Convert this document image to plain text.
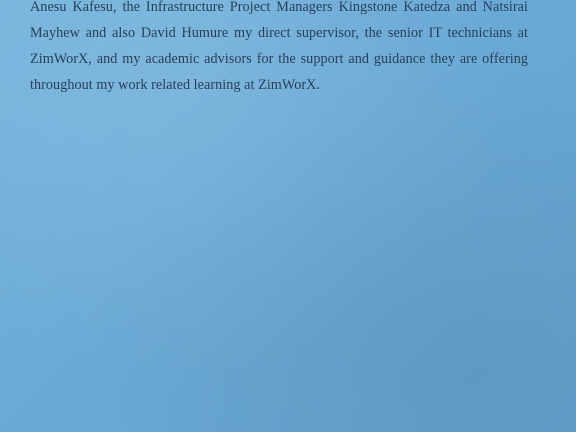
Anesu Kafesu, the Infrastructure Project Managers Kingstone Katedza and Natsirai
Mayhew and also David Humure my direct supervisor, the senior IT technicians at
ZimWorX, and my academic advisors for the support and guidance they are offering
throughout my work related learning at ZimWorX.
